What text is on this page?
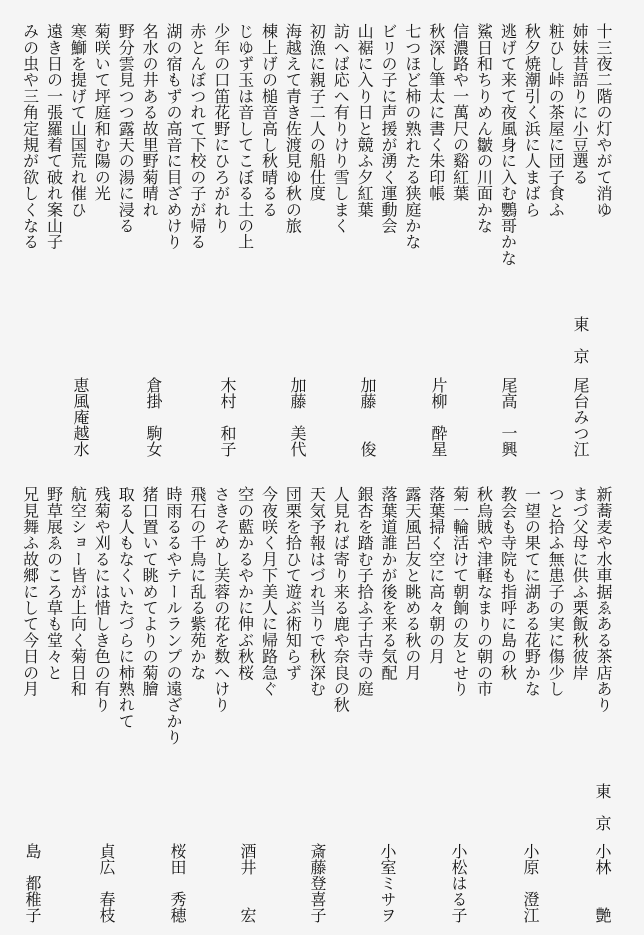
十三夜二階の灯やがて消ゆ
姉妹昔語りに小豆選る
粧ひし峠の茶屋に団子食ふ
秋夕焼潮引く浜に人まばら
逃げて来て夜風身に入む鸚哥かな
鯊日和ちりめん皺の川面かな
信濃路や一萬尺の谿紅葉
秋深し筆太に書く朱印帳
七つほど柿の熟れたる狭庭かな
ビリの子に声援が湧く運動会
山裾に入り日と競ふ夕紅葉
訪へば応へ有りけり雪しまく
初漁に親子二人の船仕度
海越えて青き佐渡見ゆ秋の旅
棟上げの槌音高し秋晴るる
じゆず玉は音してこぼる土の上
少年の口笛花野にひろがれり
赤とんぼつれて下校の子が帰る
湖の宿もずの高音に目ざめけり
名水の井ある故里野菊晴れ
野分雲見つつ露天の湯に浸る
菊咲いて坪庭和む陽の光
寒鰤を提げて山国荒れ催ひ
遠き日の一張羅着て破れ案山子
みの虫や三角定規が欲しくなる
東　京
尾台みつ江
尾高　一興
片柳　酔星
加藤　　俊
加藤　美代
木村　和子
倉掛　駒女
恵風庵越水
新蕎麦や水車据ゑある茶店あり
まづ父母に供ふ栗飯秋彼岸
つと拾ふ無患子の実に傷少し
一望の果てに湖ある花野かな
教会も寺院も指呼に島の秋
秋烏賊や津軽なまりの朝の市
菊一輪活けて朝餉の友とせり
落葉掃く空に高々朝の月
露天風呂友と眺める秋の月
落葉道誰かが後を来る気配
銀杏を踏む子拾ふ子古寺の庭
人見れば寄り来る鹿や奈良の秋
天気予報はづれ当りで秋深む
団栗を拾ひて遊ぶ術知らず
今夜咲く月下美人に帰路急ぐ
空の藍かるやかに伸ぶ秋桜
さきそめし芙蓉の花を数へけり
飛石の千鳥に乱る紫苑かな
時雨るるやテールランプの遠ざかり
猪口置いて眺めてよりの菊膾
取る人もなくいたづらに柿熟れて
残菊や刈るには惜しき色の有り
航空ショー皆が上向く菊日和
野草展ゑのころ草も堂々と
兄見舞ふ故郷にして今日の月
東　京
小林　　艶
小原　澄江
小松はる子
小室ミサヲ
斎藤登喜子
酒井　　宏
桜田　秀穂
貞広　春枝
島　都稚子
